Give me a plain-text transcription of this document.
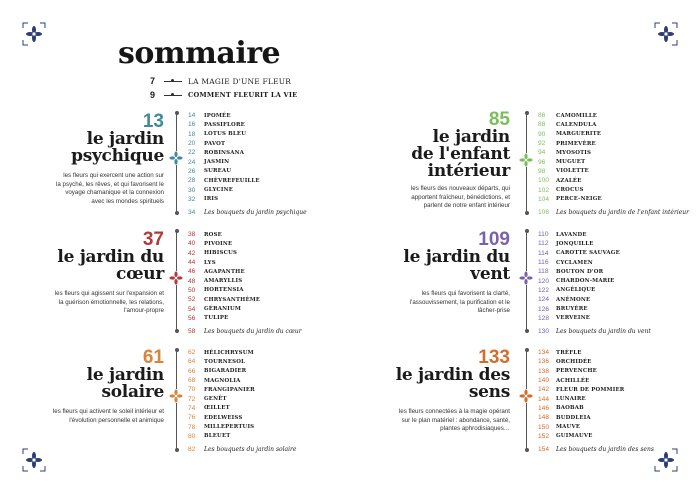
sommaire
7	LA MAGIE D'UNE FLEUR
9	COMMENT FLEURIT LA VIE
13
le jardin
psychique
les fleurs qui exercent une action sur
la psyché, les rêves, et qui favorisent le
voyage chamanique et la connexion
avec les mondes spirituels
14	IPOMÉE
16	PASSIFLORE
18	LOTUS BLEU
20	PAVOT
22	ROBINSANA
24	JASMIN
26	SUREAU
28	CHÈVREFEUILLE
30	GLYCINE
32	IRIS
34	Les bouquets du jardin psychique
85
le jardin
de l'enfant
intérieur
les fleurs des nouveaux départs, qui
apportent fraîcheur, bénédictions, et
parlent de notre enfant intérieur
86	CAMOMILLE
88	CALENDULA
90	MARGUERITE
92	PRIMEVÈRE
94	MYOSOTIS
96	MUGUET
98	VIOLETTE
100	AZALÉE
102	CROCUS
104	PERCE-NEIGE
106	Les bouquets du jardin de l'enfant intérieur
37
le jardin du
cœur
les fleurs qui agissent sur l'expansion et
la guérison émotionnelle, les relations,
l'amour-propre
38	ROSE
40	PIVOINE
42	HIBISCUS
44	LYS
46	AGAPANTHE
48	AMARYLLIS
50	HORTENSIA
52	CHRYSANTHÈME
54	GÉRANIUM
56	TULIPE
58	Les bouquets du jardin du cœur
109
le jardin du
vent
les fleurs qui favorisent la clarté,
l'assouvissement, la purification et le
lâcher-prise
110	LAVANDE
112	JONQUILLE
114	CAROTTE SAUVAGE
116	CYCLAMEN
118	BOUTON D'OR
120	CHARDON-MARIE
122	ANGÉLIQUE
124	ANÉMONE
126	BRUYÈRE
128	VERVEINE
130	Les bouquets du jardin du vent
61
le jardin
solaire
les fleurs qui activent le soleil intérieur et
l'évolution personnelle et animique
62	HÉLICHRYSUM
64	TOURNESOL
66	BIGARADIER
68	MAGNOLIA
70	FRANGIPANIER
72	GENÊT
74	ŒILLET
76	EDELWEISS
78	MILLEPERTUIS
80	BLEUET
82	Les bouquets du jardin solaire
133
le jardin des
sens
les fleurs connectées à la magie opérant
sur le plan matériel : abondance, santé,
plantes aphrodisiaques…
134	TRÈFLE
136	ORCHIDÉE
138	PERVENCHE
140	ACHILLÉE
142	FLEUR DE POMMIER
144	LUNAIRE
146	BAOBAB
148	BUDDLEIA
150	MAUVE
152	GUIMAUVE
154	Les bouquets du jardin des sens
